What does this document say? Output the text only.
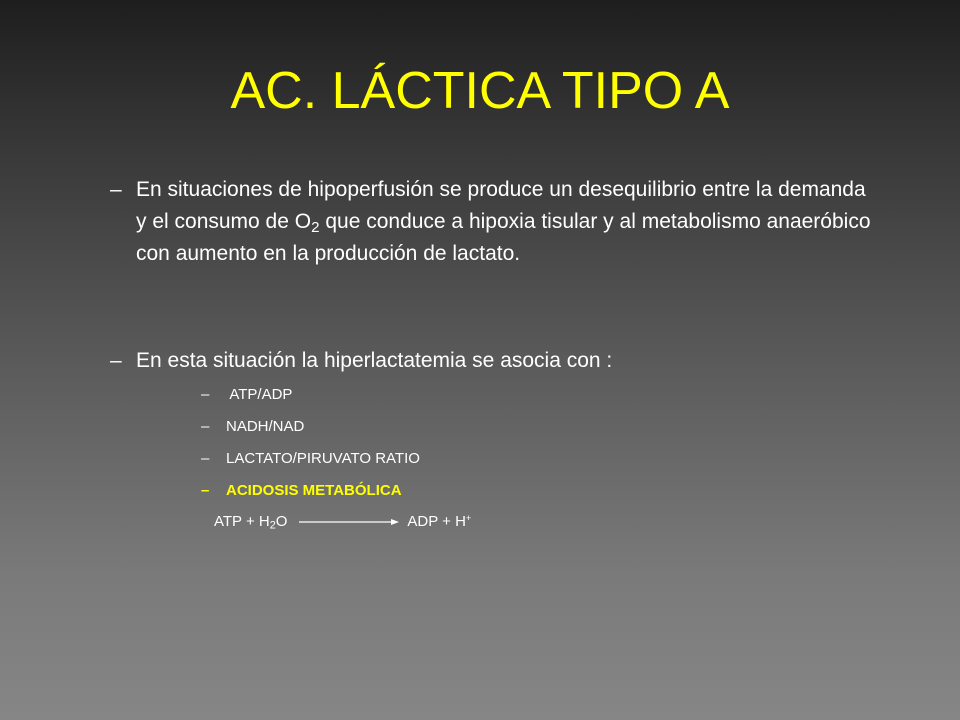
AC. LÁCTICA TIPO A
– En situaciones de hipoperfusión se produce un desequilibrio entre la demanda y el consumo de $O_2$ que conduce a hipoxia tisular y al metabolismo anaeróbico con aumento en la producción de lactato.
– En esta situación la hiperlactatemia se asocia con :
–	ATP/ADP
–	NADH/NAD
–	LACTATO/PIRUVATO RATIO
–	ACIDOSIS METABÓLICA
ATP + $H_2O$	ADP + H+
